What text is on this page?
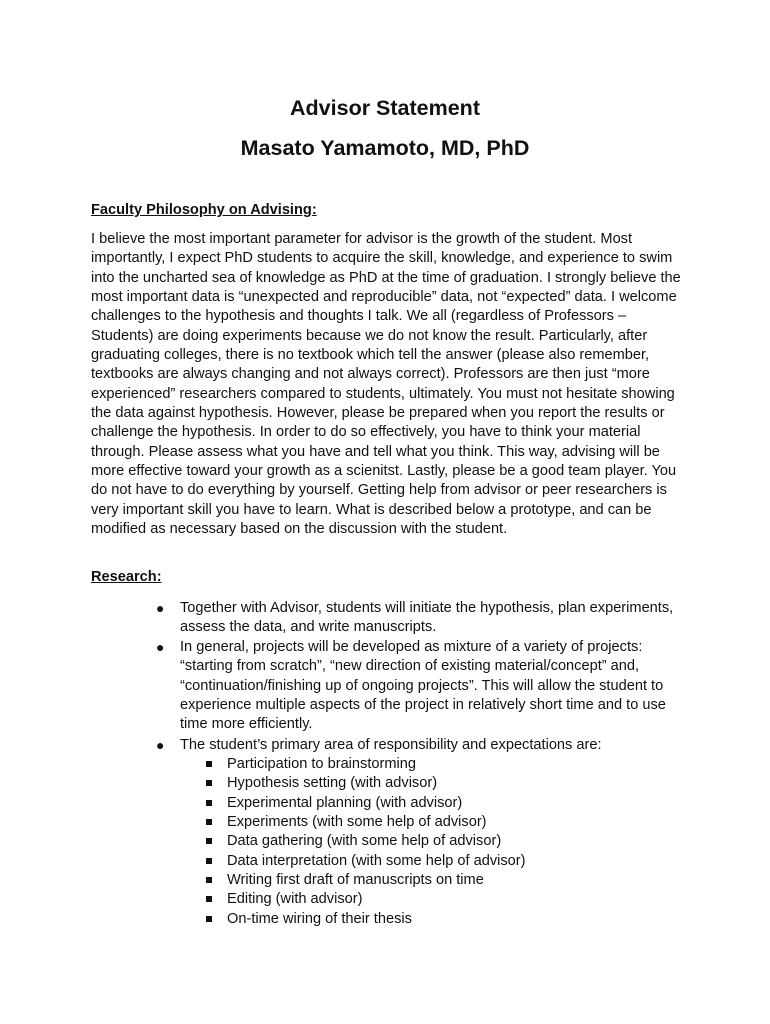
Advisor Statement
Masato Yamamoto, MD, PhD
Faculty Philosophy on Advising:

I believe the most important parameter for advisor is the growth of the student. Most importantly, I expect PhD students to acquire the skill, knowledge, and experience to swim into the uncharted sea of knowledge as PhD at the time of graduation. I strongly believe the most important data is “unexpected and reproducible” data, not “expected” data. I welcome challenges to the hypothesis and thoughts I talk. We all (regardless of Professors – Students) are doing experiments because we do not know the result. Particularly, after graduating colleges, there is no textbook which tell the answer (please also remember, textbooks are always changing and not always correct). Professors are then just “more experienced” researchers compared to students, ultimately. You must not hesitate showing the data against hypothesis. However, please be prepared when you report the results or challenge the hypothesis. In order to do so effectively, you have to think your material through. Please assess what you have and tell what you think. This way, advising will be more effective toward your growth as a scienitst. Lastly, please be a good team player. You do not have to do everything by yourself. Getting help from advisor or peer researchers is very important skill you have to learn. What is described below a prototype, and can be modified as necessary based on the discussion with the student.

Research:
● Together with Advisor, students will initiate the hypothesis, plan experiments, assess the data, and write manuscripts.
● In general, projects will be developed as mixture of a variety of projects: “starting from scratch”, “new direction of existing material/concept” and, “continuation/finishing up of ongoing projects”. This will allow the student to experience multiple aspects of the project in relatively short time and to use time more efficiently.
● The student’s primary area of responsibility and expectations are:
Participation to brainstorming
Hypothesis setting (with advisor)
Experimental planning (with advisor)
Experiments (with some help of advisor)
Data gathering (with some help of advisor)
Data interpretation (with some help of advisor)
Writing first draft of manuscripts on time
Editing (with advisor)
On-time wiring of their thesis
